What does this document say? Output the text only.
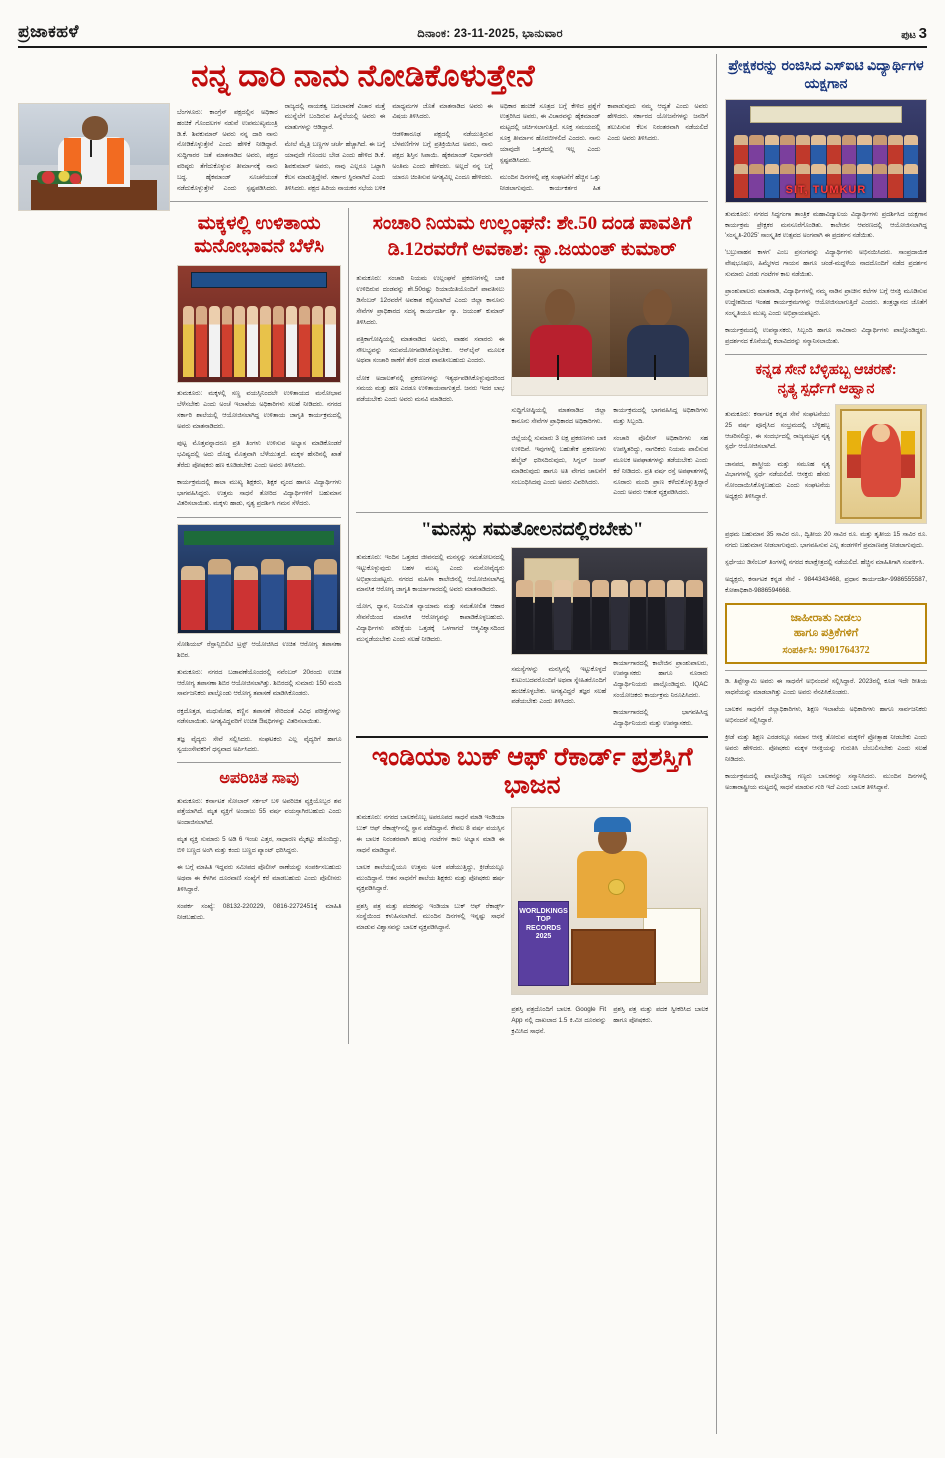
ಪ್ರಜಾಕಹಳೆ	ದಿನಾಂಕ: 23-11-2025, ಭಾನುವಾರ	ಪುಟ 3
ನನ್ನ ದಾರಿ ನಾನು ನೋಡಿಕೊಳುತ್ತೇನೆ

ಬೆಂಗಳೂರು: ಕಾಂಗ್ರೆಸ್ ಪಕ್ಷದಲ್ಲಿನ ಅಧಿಕಾರ ಹಂಚಿಕೆ ಗೊಂದಲಗಳ ನಡುವೆ ಉಪಮುಖ್ಯಮಂತ್ರಿ ಡಿ.ಕೆ. ಶಿವಕುಮಾರ್ ಅವರು ನನ್ನ ದಾರಿ ನಾನು ನೋಡಿಕೊಳ್ಳುತ್ತೇನೆ ಎಂದು ಹೇಳಿಕೆ ನೀಡಿದ್ದಾರೆ. ಸುದ್ದಿಗಾರರ ಜತೆ ಮಾತನಾಡಿದ ಅವರು, ಪಕ್ಷದ ವರಿಷ್ಠರು ತೆಗೆದುಕೊಳ್ಳುವ ತೀರ್ಮಾನಕ್ಕೆ ನಾನು ಬದ್ಧ. ಹೈಕಮಾಂಡ್ ಸೂಚನೆಯಂತೆ ನಡೆದುಕೊಳ್ಳುತ್ತೇನೆ ಎಂದು ಸ್ಪಷ್ಟಪಡಿಸಿದರು. ರಾಜ್ಯದಲ್ಲಿ ನಾಯಕತ್ವ ಬದಲಾವಣೆ ವಿಚಾರ ಮತ್ತೆ ಮುನ್ನೆಲೆಗೆ ಬಂದಿರುವ ಹಿನ್ನೆಲೆಯಲ್ಲಿ ಅವರು ಈ ಮಾತುಗಳನ್ನು ಆಡಿದ್ದಾರೆ.

ಮೇಲೆ ಮೈತ್ರಿ ಬಣ್ಣಗಳ ಚರ್ಚೆ ಹೆಚ್ಚಾಗಿದೆ. ಈ ಬಗ್ಗೆ ಯಾವುದೇ ಗೊಂದಲ ಬೇಡ ಎಂದು ಹೇಳಿದ ಡಿ.ಕೆ. ಶಿವಕುಮಾರ್ ಅವರು, ನಾವು ಎಲ್ಲರೂ ಒಟ್ಟಾಗಿ ಕೆಲಸ ಮಾಡುತ್ತಿದ್ದೇವೆ. ಸರ್ಕಾರ ಸ್ಥಿರವಾಗಿದೆ ಎಂದು ತಿಳಿಸಿದರು. ಪಕ್ಷದ ಹಿರಿಯ ನಾಯಕರ ಸಭೆಯ ಬಳಿಕ ಮಾಧ್ಯಮಗಳ ಜೊತೆ ಮಾತನಾಡಿದ ಅವರು ಈ ವಿಷಯ ತಿಳಿಸಿದರು.

ಆಡಳಿತಾರೂಢ ಪಕ್ಷದಲ್ಲಿ ನಡೆಯುತ್ತಿರುವ ಬೆಳವಣಿಗೆಗಳ ಬಗ್ಗೆ ಪ್ರತಿಕ್ರಿಯಿಸಿದ ಅವರು, ನಾನು ಪಕ್ಷದ ಶಿಸ್ತಿನ ಸಿಪಾಯಿ. ಹೈಕಮಾಂಡ್ ನಿರ್ಧಾರವೇ ಅಂತಿಮ ಎಂದು ಹೇಳಿದರು. ಅಲ್ಲದೆ ನನ್ನ ಬಗ್ಗೆ ಯಾರೂ ಚಿಂತಿಸುವ ಅಗತ್ಯವಿಲ್ಲ ಎಂದೂ ಹೇಳಿದರು.

ಅಧಿಕಾರ ಹಂಚಿಕೆ ಸೂತ್ರದ ಬಗ್ಗೆ ಕೇಳಿದ ಪ್ರಶ್ನೆಗೆ ಉತ್ತರಿಸಿದ ಅವರು, ಈ ವಿಚಾರವನ್ನು ಹೈಕಮಾಂಡ್ ಮಟ್ಟದಲ್ಲಿ ಚರ್ಚಿಸಲಾಗುತ್ತಿದೆ. ಸೂಕ್ತ ಸಮಯದಲ್ಲಿ ಸೂಕ್ತ ತೀರ್ಮಾನ ಹೊರಬೀಳಲಿದೆ ಎಂದರು. ನಾನು ಯಾವುದೇ ಒತ್ತಡದಲ್ಲಿ ಇಲ್ಲ ಎಂದು ಸ್ಪಷ್ಟಪಡಿಸಿದರು.

ಮುಂದಿನ ದಿನಗಳಲ್ಲಿ ಪಕ್ಷ ಸಂಘಟನೆಗೆ ಹೆಚ್ಚಿನ ಒತ್ತು ನೀಡಲಾಗುವುದು. ಕಾರ್ಯಕರ್ತರ ಹಿತ ಕಾಪಾಡುವುದು ನಮ್ಮ ಆದ್ಯತೆ ಎಂದು ಅವರು ಹೇಳಿದರು. ಸರ್ಕಾರದ ಯೋಜನೆಗಳನ್ನು ಜನರಿಗೆ ತಲುಪಿಸುವ ಕೆಲಸ ನಿರಂತರವಾಗಿ ನಡೆಯಲಿದೆ ಎಂದು ಅವರು ತಿಳಿಸಿದರು.

ಮಕ್ಕಳಲ್ಲಿ ಉಳಿತಾಯ ಮನೋಭಾವನೆ ಬೆಳೆಸಿ

ತುಮಕೂರು: ಮಕ್ಕಳಲ್ಲಿ ಸಣ್ಣ ವಯಸ್ಸಿನಿಂದಲೇ ಉಳಿತಾಯದ ಮನೋಭಾವ ಬೆಳೆಸಬೇಕು ಎಂದು ಅಂಚೆ ಇಲಾಖೆಯ ಅಧಿಕಾರಿಗಳು ಸಲಹೆ ನೀಡಿದರು. ನಗರದ ಸರ್ಕಾರಿ ಶಾಲೆಯಲ್ಲಿ ಆಯೋಜಿಸಲಾಗಿದ್ದ ಉಳಿತಾಯ ಜಾಗೃತಿ ಕಾರ್ಯಕ್ರಮದಲ್ಲಿ ಅವರು ಮಾತನಾಡಿದರು.

ಪುಟ್ಟ ಮೊತ್ತವನ್ನಾದರೂ ಪ್ರತಿ ತಿಂಗಳು ಉಳಿಸುವ ಅಭ್ಯಾಸ ಮಾಡಿಕೊಂಡರೆ ಭವಿಷ್ಯದಲ್ಲಿ ಅದು ದೊಡ್ಡ ಮೊತ್ತವಾಗಿ ಬೆಳೆಯುತ್ತದೆ. ಮಕ್ಕಳ ಹೆಸರಿನಲ್ಲಿ ಖಾತೆ ತೆರೆದು ಪೋಷಕರು ಹಣ ಕೂಡಿಡಬೇಕು ಎಂದು ಅವರು ತಿಳಿಸಿದರು.

ಕಾರ್ಯಕ್ರಮದಲ್ಲಿ ಶಾಲಾ ಮುಖ್ಯ ಶಿಕ್ಷಕರು, ಶಿಕ್ಷಕ ವೃಂದ ಹಾಗೂ ವಿದ್ಯಾರ್ಥಿಗಳು ಭಾಗವಹಿಸಿದ್ದರು. ಉತ್ತಮ ಸಾಧನೆ ತೋರಿದ ವಿದ್ಯಾರ್ಥಿಗಳಿಗೆ ಬಹುಮಾನ ವಿತರಿಸಲಾಯಿತು. ಮಕ್ಕಳು ಹಾಡು, ನೃತ್ಯ ಪ್ರದರ್ಶಿಸಿ ಗಮನ ಸೆಳೆದರು.

ಸೋಶಿಯಲ್ ರೆಸ್ಪಾನ್ಸಿಬಿಲಿಟಿ ಟ್ರಸ್ಟ್ ಆಯೋಜಿಸಿದ ಉಚಿತ ಆರೋಗ್ಯ ತಪಾಸಣಾ ಶಿಬಿರ.

ತುಮಕೂರು: ನಗರದ ಬಡಾವಣೆಯೊಂದರಲ್ಲಿ ನವೆಂಬರ್ 20ರಂದು ಉಚಿತ ಆರೋಗ್ಯ ತಪಾಸಣಾ ಶಿಬಿರ ಆಯೋಜಿಸಲಾಗಿತ್ತು. ಶಿಬಿರದಲ್ಲಿ ಸುಮಾರು 150 ಮಂದಿ ಸಾರ್ವಜನಿಕರು ಪಾಲ್ಗೊಂಡು ಆರೋಗ್ಯ ತಪಾಸಣೆ ಮಾಡಿಸಿಕೊಂಡರು.

ರಕ್ತದೊತ್ತಡ, ಮಧುಮೇಹ, ಕಣ್ಣಿನ ತಪಾಸಣೆ ಸೇರಿದಂತೆ ವಿವಿಧ ಪರೀಕ್ಷೆಗಳನ್ನು ನಡೆಸಲಾಯಿತು. ಅಗತ್ಯವಿದ್ದವರಿಗೆ ಉಚಿತ ಔಷಧಿಗಳನ್ನು ವಿತರಿಸಲಾಯಿತು.

ತಜ್ಞ ವೈದ್ಯರು ಸೇವೆ ಸಲ್ಲಿಸಿದರು. ಸಂಘಟಕರು ಎಲ್ಲ ವೈದ್ಯರಿಗೆ ಹಾಗೂ ಸ್ವಯಂಸೇವಕರಿಗೆ ಧನ್ಯವಾದ ಅರ್ಪಿಸಿದರು.

ಅಪರಿಚಿತ ಸಾವು

ತುಮಕೂರು: ಕರ್ನಾಟಕ ಸೋಲಾರ್ ಸರ್ಕಲ್ ಬಳಿ ಅಪರಿಚಿತ ವ್ಯಕ್ತಿಯೊಬ್ಬರ ಶವ ಪತ್ತೆಯಾಗಿದೆ. ಮೃತ ವ್ಯಕ್ತಿಗೆ ಅಂದಾಜು 55 ವರ್ಷ ವಯಸ್ಸಾಗಿರಬಹುದು ಎಂದು ಅಂದಾಜಿಸಲಾಗಿದೆ.

ಮೃತ ವ್ಯಕ್ತಿ ಸುಮಾರು 5 ಅಡಿ 6 ಇಂಚು ಎತ್ತರ, ಸಾಧಾರಣ ಮೈಕಟ್ಟು ಹೊಂದಿದ್ದು, ಬಿಳಿ ಬಣ್ಣದ ಅಂಗಿ ಮತ್ತು ಕಂದು ಬಣ್ಣದ ಪ್ಯಾಂಟ್ ಧರಿಸಿದ್ದರು.

ಈ ಬಗ್ಗೆ ಮಾಹಿತಿ ಇದ್ದವರು ಸಮೀಪದ ಪೊಲೀಸ್ ಠಾಣೆಯನ್ನು ಸಂಪರ್ಕಿಸಬಹುದು ಅಥವಾ ಈ ಕೆಳಗಿನ ದೂರವಾಣಿ ಸಂಖ್ಯೆಗೆ ಕರೆ ಮಾಡಬಹುದು ಎಂದು ಪೊಲೀಸರು ತಿಳಿಸಿದ್ದಾರೆ.

ಸಂಪರ್ಕ ಸಂಖ್ಯೆ: 08132-220229, 0816-2272451ಕ್ಕೆ ಮಾಹಿತಿ ನೀಡಬಹುದು.

ಸಂಚಾರಿ ನಿಯಮ ಉಲ್ಲಂಘನೆ: ಶೇ.50 ದಂಡ ಪಾವತಿಗೆ
ಡಿ.12ರವರೆಗೆ ಅವಕಾಶ: ನ್ಯಾ.ಜಯಂತ್ ಕುಮಾರ್

ತುಮಕೂರು: ಸಂಚಾರಿ ನಿಯಮ ಉಲ್ಲಂಘನೆ ಪ್ರಕರಣಗಳಲ್ಲಿ ಬಾಕಿ ಉಳಿದಿರುವ ದಂಡವನ್ನು ಶೇ.50ರಷ್ಟು ರಿಯಾಯಿತಿಯೊಂದಿಗೆ ಪಾವತಿಸಲು ಡಿಸೆಂಬರ್ 12ರವರೆಗೆ ಅವಕಾಶ ಕಲ್ಪಿಸಲಾಗಿದೆ ಎಂದು ಜಿಲ್ಲಾ ಕಾನೂನು ಸೇವೆಗಳ ಪ್ರಾಧಿಕಾರದ ಸದಸ್ಯ ಕಾರ್ಯದರ್ಶಿ ನ್ಯಾ. ಜಯಂತ್ ಕುಮಾರ್ ತಿಳಿಸಿದರು.

ಪತ್ರಿಕಾಗೋಷ್ಠಿಯಲ್ಲಿ ಮಾತನಾಡಿದ ಅವರು, ವಾಹನ ಸವಾರರು ಈ ಸೌಲಭ್ಯವನ್ನು ಸದುಪಯೋಗಪಡಿಸಿಕೊಳ್ಳಬೇಕು. ಆನ್‌ಲೈನ್ ಮೂಲಕ ಅಥವಾ ಸಂಚಾರಿ ಠಾಣೆಗೆ ತೆರಳಿ ದಂಡ ಪಾವತಿಸಬಹುದು ಎಂದರು.

ಲೋಕ ಅದಾಲತ್‌ನಲ್ಲಿ ಪ್ರಕರಣಗಳನ್ನು ಇತ್ಯರ್ಥಪಡಿಸಿಕೊಳ್ಳುವುದರಿಂದ ಸಮಯ ಮತ್ತು ಹಣ ಎರಡೂ ಉಳಿತಾಯವಾಗುತ್ತದೆ. ಜನರು ಇದರ ಲಾಭ ಪಡೆಯಬೇಕು ಎಂದು ಅವರು ಮನವಿ ಮಾಡಿದರು.

ಸುದ್ದಿಗೋಷ್ಠಿಯಲ್ಲಿ ಮಾತನಾಡಿದ ಜಿಲ್ಲಾ ಕಾನೂನು ಸೇವೆಗಳ ಪ್ರಾಧಿಕಾರದ ಅಧಿಕಾರಿಗಳು.

ಜಿಲ್ಲೆಯಲ್ಲಿ ಸುಮಾರು 3 ಲಕ್ಷ ಪ್ರಕರಣಗಳು ಬಾಕಿ ಉಳಿದಿವೆ. ಇವುಗಳಲ್ಲಿ ಬಹುತೇಕ ಪ್ರಕರಣಗಳು ಹೆಲ್ಮೆಟ್ ಧರಿಸದಿರುವುದು, ಸಿಗ್ನಲ್ ಜಂಪ್ ಮಾಡಿರುವುದು ಹಾಗೂ ಅತಿ ವೇಗದ ಚಾಲನೆಗೆ ಸಂಬಂಧಿಸಿದವು ಎಂದು ಅವರು ವಿವರಿಸಿದರು.

ಕಾರ್ಯಕ್ರಮದಲ್ಲಿ ಭಾಗವಹಿಸಿದ್ದ ಅಧಿಕಾರಿಗಳು ಮತ್ತು ಸಿಬ್ಬಂದಿ.

ಸಂಚಾರಿ ಪೊಲೀಸ್ ಅಧಿಕಾರಿಗಳು ಸಹ ಉಪಸ್ಥಿತರಿದ್ದು, ನಾಗರಿಕರು ನಿಯಮ ಪಾಲಿಸುವ ಮೂಲಕ ಅಪಘಾತಗಳನ್ನು ತಡೆಯಬೇಕು ಎಂದು ಕರೆ ನೀಡಿದರು. ಪ್ರತಿ ವರ್ಷ ರಸ್ತೆ ಅಪಘಾತಗಳಲ್ಲಿ ನೂರಾರು ಮಂದಿ ಪ್ರಾಣ ಕಳೆದುಕೊಳ್ಳುತ್ತಿದ್ದಾರೆ ಎಂದು ಅವರು ಆತಂಕ ವ್ಯಕ್ತಪಡಿಸಿದರು.

"ಮನಸ್ಸು ಸಮತೋಲನದಲ್ಲಿರಬೇಕು"

ತುಮಕೂರು: ಇಂದಿನ ಒತ್ತಡದ ಜೀವನದಲ್ಲಿ ಮನಸ್ಸನ್ನು ಸಮತೋಲನದಲ್ಲಿ ಇಟ್ಟುಕೊಳ್ಳುವುದು ಬಹಳ ಮುಖ್ಯ ಎಂದು ಮನೋವೈದ್ಯರು ಅಭಿಪ್ರಾಯಪಟ್ಟರು. ನಗರದ ಮಹಿಳಾ ಕಾಲೇಜಿನಲ್ಲಿ ಆಯೋಜಿಸಲಾಗಿದ್ದ ಮಾನಸಿಕ ಆರೋಗ್ಯ ಜಾಗೃತಿ ಕಾರ್ಯಾಗಾರದಲ್ಲಿ ಅವರು ಮಾತನಾಡಿದರು.

ಯೋಗ, ಧ್ಯಾನ, ನಿಯಮಿತ ವ್ಯಾಯಾಮ ಮತ್ತು ಸಮತೋಲಿತ ಆಹಾರ ಸೇವನೆಯಿಂದ ಮಾನಸಿಕ ಆರೋಗ್ಯವನ್ನು ಕಾಪಾಡಿಕೊಳ್ಳಬಹುದು. ವಿದ್ಯಾರ್ಥಿಗಳು ಪರೀಕ್ಷೆಯ ಒತ್ತಡಕ್ಕೆ ಒಳಗಾಗದೆ ಆತ್ಮವಿಶ್ವಾಸದಿಂದ ಮುನ್ನಡೆಯಬೇಕು ಎಂದು ಸಲಹೆ ನೀಡಿದರು.

ಸಮಸ್ಯೆಗಳನ್ನು ಮನಸ್ಸಿನಲ್ಲಿ ಇಟ್ಟುಕೊಳ್ಳದೆ ಕುಟುಂಬದವರೊಂದಿಗೆ ಅಥವಾ ಸ್ನೇಹಿತರೊಂದಿಗೆ ಹಂಚಿಕೊಳ್ಳಬೇಕು. ಅಗತ್ಯವಿದ್ದರೆ ತಜ್ಞರ ಸಲಹೆ ಪಡೆಯಬೇಕು ಎಂದು ತಿಳಿಸಿದರು.

ಕಾರ್ಯಾಗಾರದಲ್ಲಿ ಕಾಲೇಜಿನ ಪ್ರಾಂಶುಪಾಲರು, ಉಪನ್ಯಾಸಕರು ಹಾಗೂ ನೂರಾರು ವಿದ್ಯಾರ್ಥಿನಿಯರು ಪಾಲ್ಗೊಂಡಿದ್ದರು. IQAC ಸಂಯೋಜಕರು ಕಾರ್ಯಕ್ರಮ ನಿರೂಪಿಸಿದರು.

ಕಾರ್ಯಾಗಾರದಲ್ಲಿ ಭಾಗವಹಿಸಿದ್ದ ವಿದ್ಯಾರ್ಥಿನಿಯರು ಮತ್ತು ಉಪನ್ಯಾಸಕರು.

ಇಂಡಿಯಾ ಬುಕ್ ಆಫ್ ರೆಕಾರ್ಡ್ ಪ್ರಶಸ್ತಿಗೆ ಭಾಜನ

ತುಮಕೂರು: ನಗರದ ಬಾಲಕನೊಬ್ಬ ಅಪರೂಪದ ಸಾಧನೆ ಮಾಡಿ ಇಂಡಿಯಾ ಬುಕ್ ಆಫ್ ರೆಕಾರ್ಡ್ಸ್‌ನಲ್ಲಿ ಸ್ಥಾನ ಪಡೆದಿದ್ದಾನೆ. ಕೇವಲ 8 ವರ್ಷ ವಯಸ್ಸಿನ ಈ ಬಾಲಕ ನಿರಂತರವಾಗಿ ಹಲವು ಗಂಟೆಗಳ ಕಾಲ ಅಭ್ಯಾಸ ಮಾಡಿ ಈ ಸಾಧನೆ ಮಾಡಿದ್ದಾನೆ.

ಬಾಲಕ ಶಾಲೆಯಲ್ಲಿಯೂ ಉತ್ತಮ ಅಂಕ ಪಡೆಯುತ್ತಿದ್ದು, ಕ್ರೀಡೆಯಲ್ಲೂ ಮುಂದಿದ್ದಾನೆ. ಆತನ ಸಾಧನೆಗೆ ಶಾಲೆಯ ಶಿಕ್ಷಕರು ಮತ್ತು ಪೋಷಕರು ಹರ್ಷ ವ್ಯಕ್ತಪಡಿಸಿದ್ದಾರೆ.

ಪ್ರಶಸ್ತಿ ಪತ್ರ ಮತ್ತು ಪದಕವನ್ನು ಇಂಡಿಯಾ ಬುಕ್ ಆಫ್ ರೆಕಾರ್ಡ್ಸ್ ಸಂಸ್ಥೆಯಿಂದ ಕಳುಹಿಸಲಾಗಿದೆ. ಮುಂದಿನ ದಿನಗಳಲ್ಲಿ ಇನ್ನಷ್ಟು ಸಾಧನೆ ಮಾಡುವ ವಿಶ್ವಾಸವನ್ನು ಬಾಲಕ ವ್ಯಕ್ತಪಡಿಸಿದ್ದಾನೆ.

WORLDKINGS TOP RECORDS 2025

ಪ್ರಶಸ್ತಿ ಪತ್ರದೊಂದಿಗೆ ಬಾಲಕ. Google Fit App ನಲ್ಲಿ ದಾಖಲಾದ 1.5 ಕಿ.ಮೀ ದೂರವನ್ನು ಕ್ರಮಿಸಿದ ಸಾಧನೆ.

ಪ್ರಶಸ್ತಿ ಪತ್ರ ಮತ್ತು ಪದಕ ಸ್ವೀಕರಿಸಿದ ಬಾಲಕ ಹಾಗೂ ಪೋಷಕರು.

ಪ್ರೇಕ್ಷಕರನ್ನು ರಂಜಿಸಿದ ಎಸ್‌ಐಟಿ ವಿದ್ಯಾರ್ಥಿಗಳ ಯಕ್ಷಗಾನ
SIT, TUMKUR

ತುಮಕೂರು: ನಗರದ ಸಿದ್ಧಗಂಗಾ ತಾಂತ್ರಿಕ ಮಹಾವಿದ್ಯಾಲಯ ವಿದ್ಯಾರ್ಥಿಗಳು ಪ್ರದರ್ಶಿಸಿದ ಯಕ್ಷಗಾನ ಕಾರ್ಯಕ್ರಮ ಪ್ರೇಕ್ಷಕರ ಮನಸೂರೆಗೊಂಡಿತು. ಕಾಲೇಜಿನ ಆವರಣದಲ್ಲಿ ಆಯೋಜಿಸಲಾಗಿದ್ದ 'ಸಂಸ್ಕೃತಿ-2025' ಸಾಂಸ್ಕೃತಿಕ ಉತ್ಸವದ ಅಂಗವಾಗಿ ಈ ಪ್ರದರ್ಶನ ನಡೆಯಿತು.

'ಬಬ್ರುವಾಹನ ಕಾಳಗ' ಎಂಬ ಪ್ರಸಂಗವನ್ನು ವಿದ್ಯಾರ್ಥಿಗಳು ಅಭಿನಯಿಸಿದರು. ಸಾಂಪ್ರದಾಯಿಕ ವೇಷಭೂಷಣ, ಹಿಮ್ಮೇಳದ ಗಾಯನ ಹಾಗೂ ಚಂಡೆ-ಮದ್ದಳೆಯ ನಾದದೊಂದಿಗೆ ನಡೆದ ಪ್ರದರ್ಶನ ಸುಮಾರು ಎರಡು ಗಂಟೆಗಳ ಕಾಲ ನಡೆಯಿತು.

ಪ್ರಾಂಶುಪಾಲರು ಮಾತನಾಡಿ, ವಿದ್ಯಾರ್ಥಿಗಳಲ್ಲಿ ನಮ್ಮ ನಾಡಿನ ಪ್ರಾಚೀನ ಕಲೆಗಳ ಬಗ್ಗೆ ಆಸಕ್ತಿ ಮೂಡಿಸುವ ಉದ್ದೇಶದಿಂದ ಇಂತಹ ಕಾರ್ಯಕ್ರಮಗಳನ್ನು ಆಯೋಜಿಸಲಾಗುತ್ತಿದೆ ಎಂದರು. ತಂತ್ರಜ್ಞಾನದ ಜೊತೆಗೆ ಸಂಸ್ಕೃತಿಯೂ ಮುಖ್ಯ ಎಂದು ಅಭಿಪ್ರಾಯಪಟ್ಟರು.

ಕಾರ್ಯಕ್ರಮದಲ್ಲಿ ಉಪನ್ಯಾಸಕರು, ಸಿಬ್ಬಂದಿ ಹಾಗೂ ಸಾವಿರಾರು ವಿದ್ಯಾರ್ಥಿಗಳು ಪಾಲ್ಗೊಂಡಿದ್ದರು. ಪ್ರದರ್ಶನದ ಕೊನೆಯಲ್ಲಿ ಕಲಾವಿದರನ್ನು ಸನ್ಮಾನಿಸಲಾಯಿತು.

ಕನ್ನಡ ಸೇನೆ ಬೆಳ್ಳಿಹಬ್ಬ ಆಚರಣೆ:
ನೃತ್ಯ ಸ್ಪರ್ಧೆಗೆ ಆಹ್ವಾನ

ತುಮಕೂರು: ಕರ್ನಾಟಕ ಕನ್ನಡ ಸೇನೆ ಸಂಘಟನೆಯು 25 ವರ್ಷ ಪೂರೈಸಿದ ಸಂಭ್ರಮದಲ್ಲಿ ಬೆಳ್ಳಿಹಬ್ಬ ಆಚರಿಸಲಿದ್ದು, ಈ ಸಂದರ್ಭದಲ್ಲಿ ರಾಜ್ಯಮಟ್ಟದ ನೃತ್ಯ ಸ್ಪರ್ಧೆ ಆಯೋಜಿಸಲಾಗಿದೆ.

ಜಾನಪದ, ಶಾಸ್ತ್ರೀಯ ಮತ್ತು ಸಮೂಹ ನೃತ್ಯ ವಿಭಾಗಗಳಲ್ಲಿ ಸ್ಪರ್ಧೆ ನಡೆಯಲಿದೆ. ಆಸಕ್ತರು ಹೆಸರು ನೋಂದಾಯಿಸಿಕೊಳ್ಳಬಹುದು ಎಂದು ಸಂಘಟನೆಯ ಅಧ್ಯಕ್ಷರು ತಿಳಿಸಿದ್ದಾರೆ.

ಪ್ರಥಮ ಬಹುಮಾನ 35 ಸಾವಿರ ರೂ., ದ್ವಿತೀಯ 20 ಸಾವಿರ ರೂ. ಮತ್ತು ತೃತೀಯ 15 ಸಾವಿರ ರೂ. ನಗದು ಬಹುಮಾನ ನೀಡಲಾಗುವುದು. ಭಾಗವಹಿಸುವ ಎಲ್ಲ ತಂಡಗಳಿಗೆ ಪ್ರಮಾಣಪತ್ರ ನೀಡಲಾಗುವುದು.

ಸ್ಪರ್ಧೆಯು ಡಿಸೆಂಬರ್ ತಿಂಗಳಲ್ಲಿ ನಗರದ ಕಲಾಕ್ಷೇತ್ರದಲ್ಲಿ ನಡೆಯಲಿದೆ. ಹೆಚ್ಚಿನ ಮಾಹಿತಿಗಾಗಿ ಸಂಪರ್ಕಿಸಿ.

ಅಧ್ಯಕ್ಷರು, ಕರ್ನಾಟಕ ಕನ್ನಡ ಸೇನೆ - 9844343468, ಪ್ರಧಾನ ಕಾರ್ಯದರ್ಶಿ-9986555587, ಕೋಶಾಧಿಕಾರಿ-9886594668.

ಜಾಹೀರಾತು ನೀಡಲು
ಹಾಗೂ ಪತ್ರಿಕೆಗಳಿಗೆ
ಸಂಪರ್ಕಿಸಿ: 9901764372

ಡಿ. ತಿಪ್ಪೇಸ್ವಾಮಿ ಅವರು ಈ ಸಾಧನೆಗೆ ಅಭಿನಂದನೆ ಸಲ್ಲಿಸಿದ್ದಾರೆ. 2023ರಲ್ಲಿ ಕೂಡ ಇದೇ ರೀತಿಯ ಸಾಧನೆಯನ್ನು ಮಾಡಲಾಗಿತ್ತು ಎಂದು ಅವರು ನೆನಪಿಸಿಕೊಂಡರು.

ಬಾಲಕನ ಸಾಧನೆಗೆ ಜಿಲ್ಲಾಧಿಕಾರಿಗಳು, ಶಿಕ್ಷಣ ಇಲಾಖೆಯ ಅಧಿಕಾರಿಗಳು ಹಾಗೂ ಸಾರ್ವಜನಿಕರು ಅಭಿನಂದನೆ ಸಲ್ಲಿಸಿದ್ದಾರೆ.

ಕ್ರೀಡೆ ಮತ್ತು ಶಿಕ್ಷಣ ಎರಡರಲ್ಲೂ ಸಮಾನ ಆಸಕ್ತಿ ತೋರುವ ಮಕ್ಕಳಿಗೆ ಪ್ರೋತ್ಸಾಹ ನೀಡಬೇಕು ಎಂದು ಅವರು ಹೇಳಿದರು. ಪೋಷಕರು ಮಕ್ಕಳ ಆಸಕ್ತಿಯನ್ನು ಗುರುತಿಸಿ ಬೆಂಬಲಿಸಬೇಕು ಎಂದು ಸಲಹೆ ನೀಡಿದರು.

ಕಾರ್ಯಕ್ರಮದಲ್ಲಿ ಪಾಲ್ಗೊಂಡಿದ್ದ ಗಣ್ಯರು ಬಾಲಕನನ್ನು ಸನ್ಮಾನಿಸಿದರು. ಮುಂದಿನ ದಿನಗಳಲ್ಲಿ ಅಂತಾರಾಷ್ಟ್ರೀಯ ಮಟ್ಟದಲ್ಲಿ ಸಾಧನೆ ಮಾಡುವ ಗುರಿ ಇದೆ ಎಂದು ಬಾಲಕ ತಿಳಿಸಿದ್ದಾನೆ.
